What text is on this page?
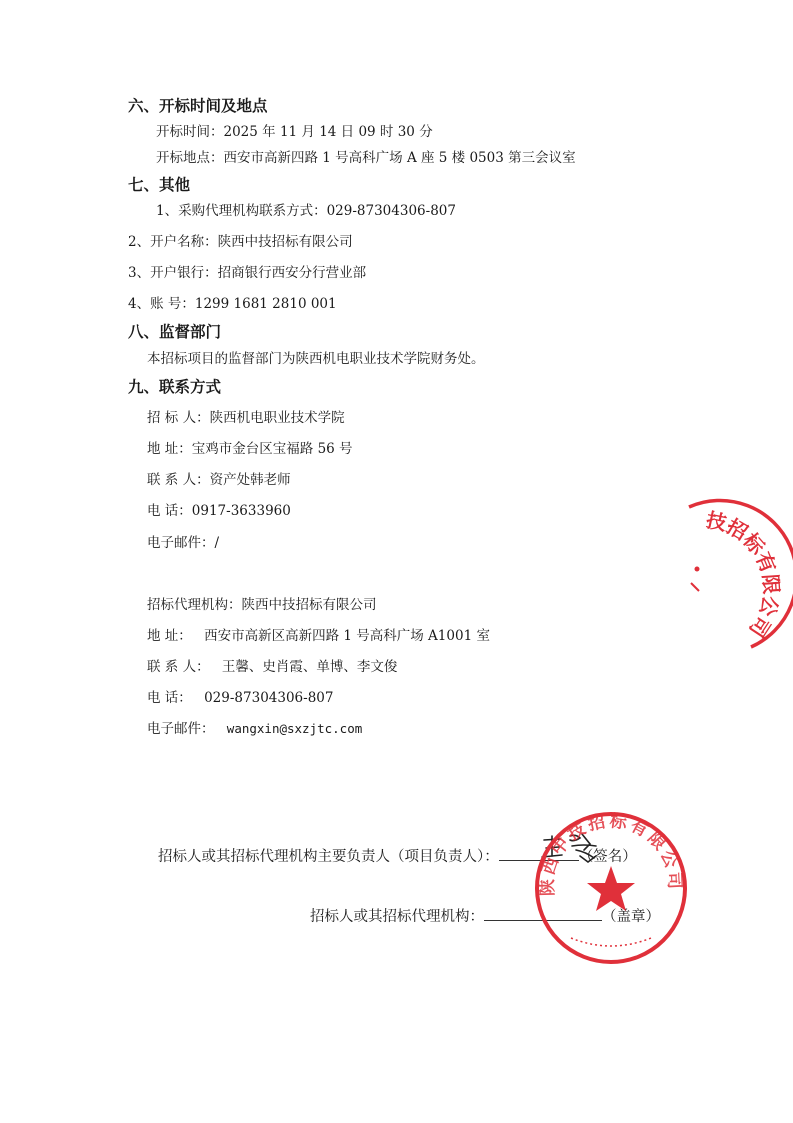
六、开标时间及地点
开标时间：2025 年 11 月 14 日 09 时 30 分
开标地点：西安市高新四路 1 号高科广场 A 座 5 楼 0503 第三会议室
七、其他
1、采购代理机构联系方式：029-87304306-807
2、开户名称：陕西中技招标有限公司
3、开户银行：招商银行西安分行营业部
4、账 号：1299 1681 2810 001
八、监督部门
本招标项目的监督部门为陕西机电职业技术学院财务处。
九、联系方式
招 标 人：陕西机电职业技术学院
地 址：宝鸡市金台区宝福路 56 号
联 系 人：资产处韩老师
电 话：0917-3633960
电子邮件：/
招标代理机构：陕西中技招标有限公司
地 址： 西安市高新区高新四路 1 号高科广场 A1001 室
联 系 人： 王馨、史肖霞、单博、李文俊
电 话： 029-87304306-807
电子邮件： wangxin@sxzjtc.com
招标人或其招标代理机构主要负责人（项目负责人）：	（签名）
招标人或其招标代理机构：	（盖章）
技招标有限公司
陕西中技招标有限公司
